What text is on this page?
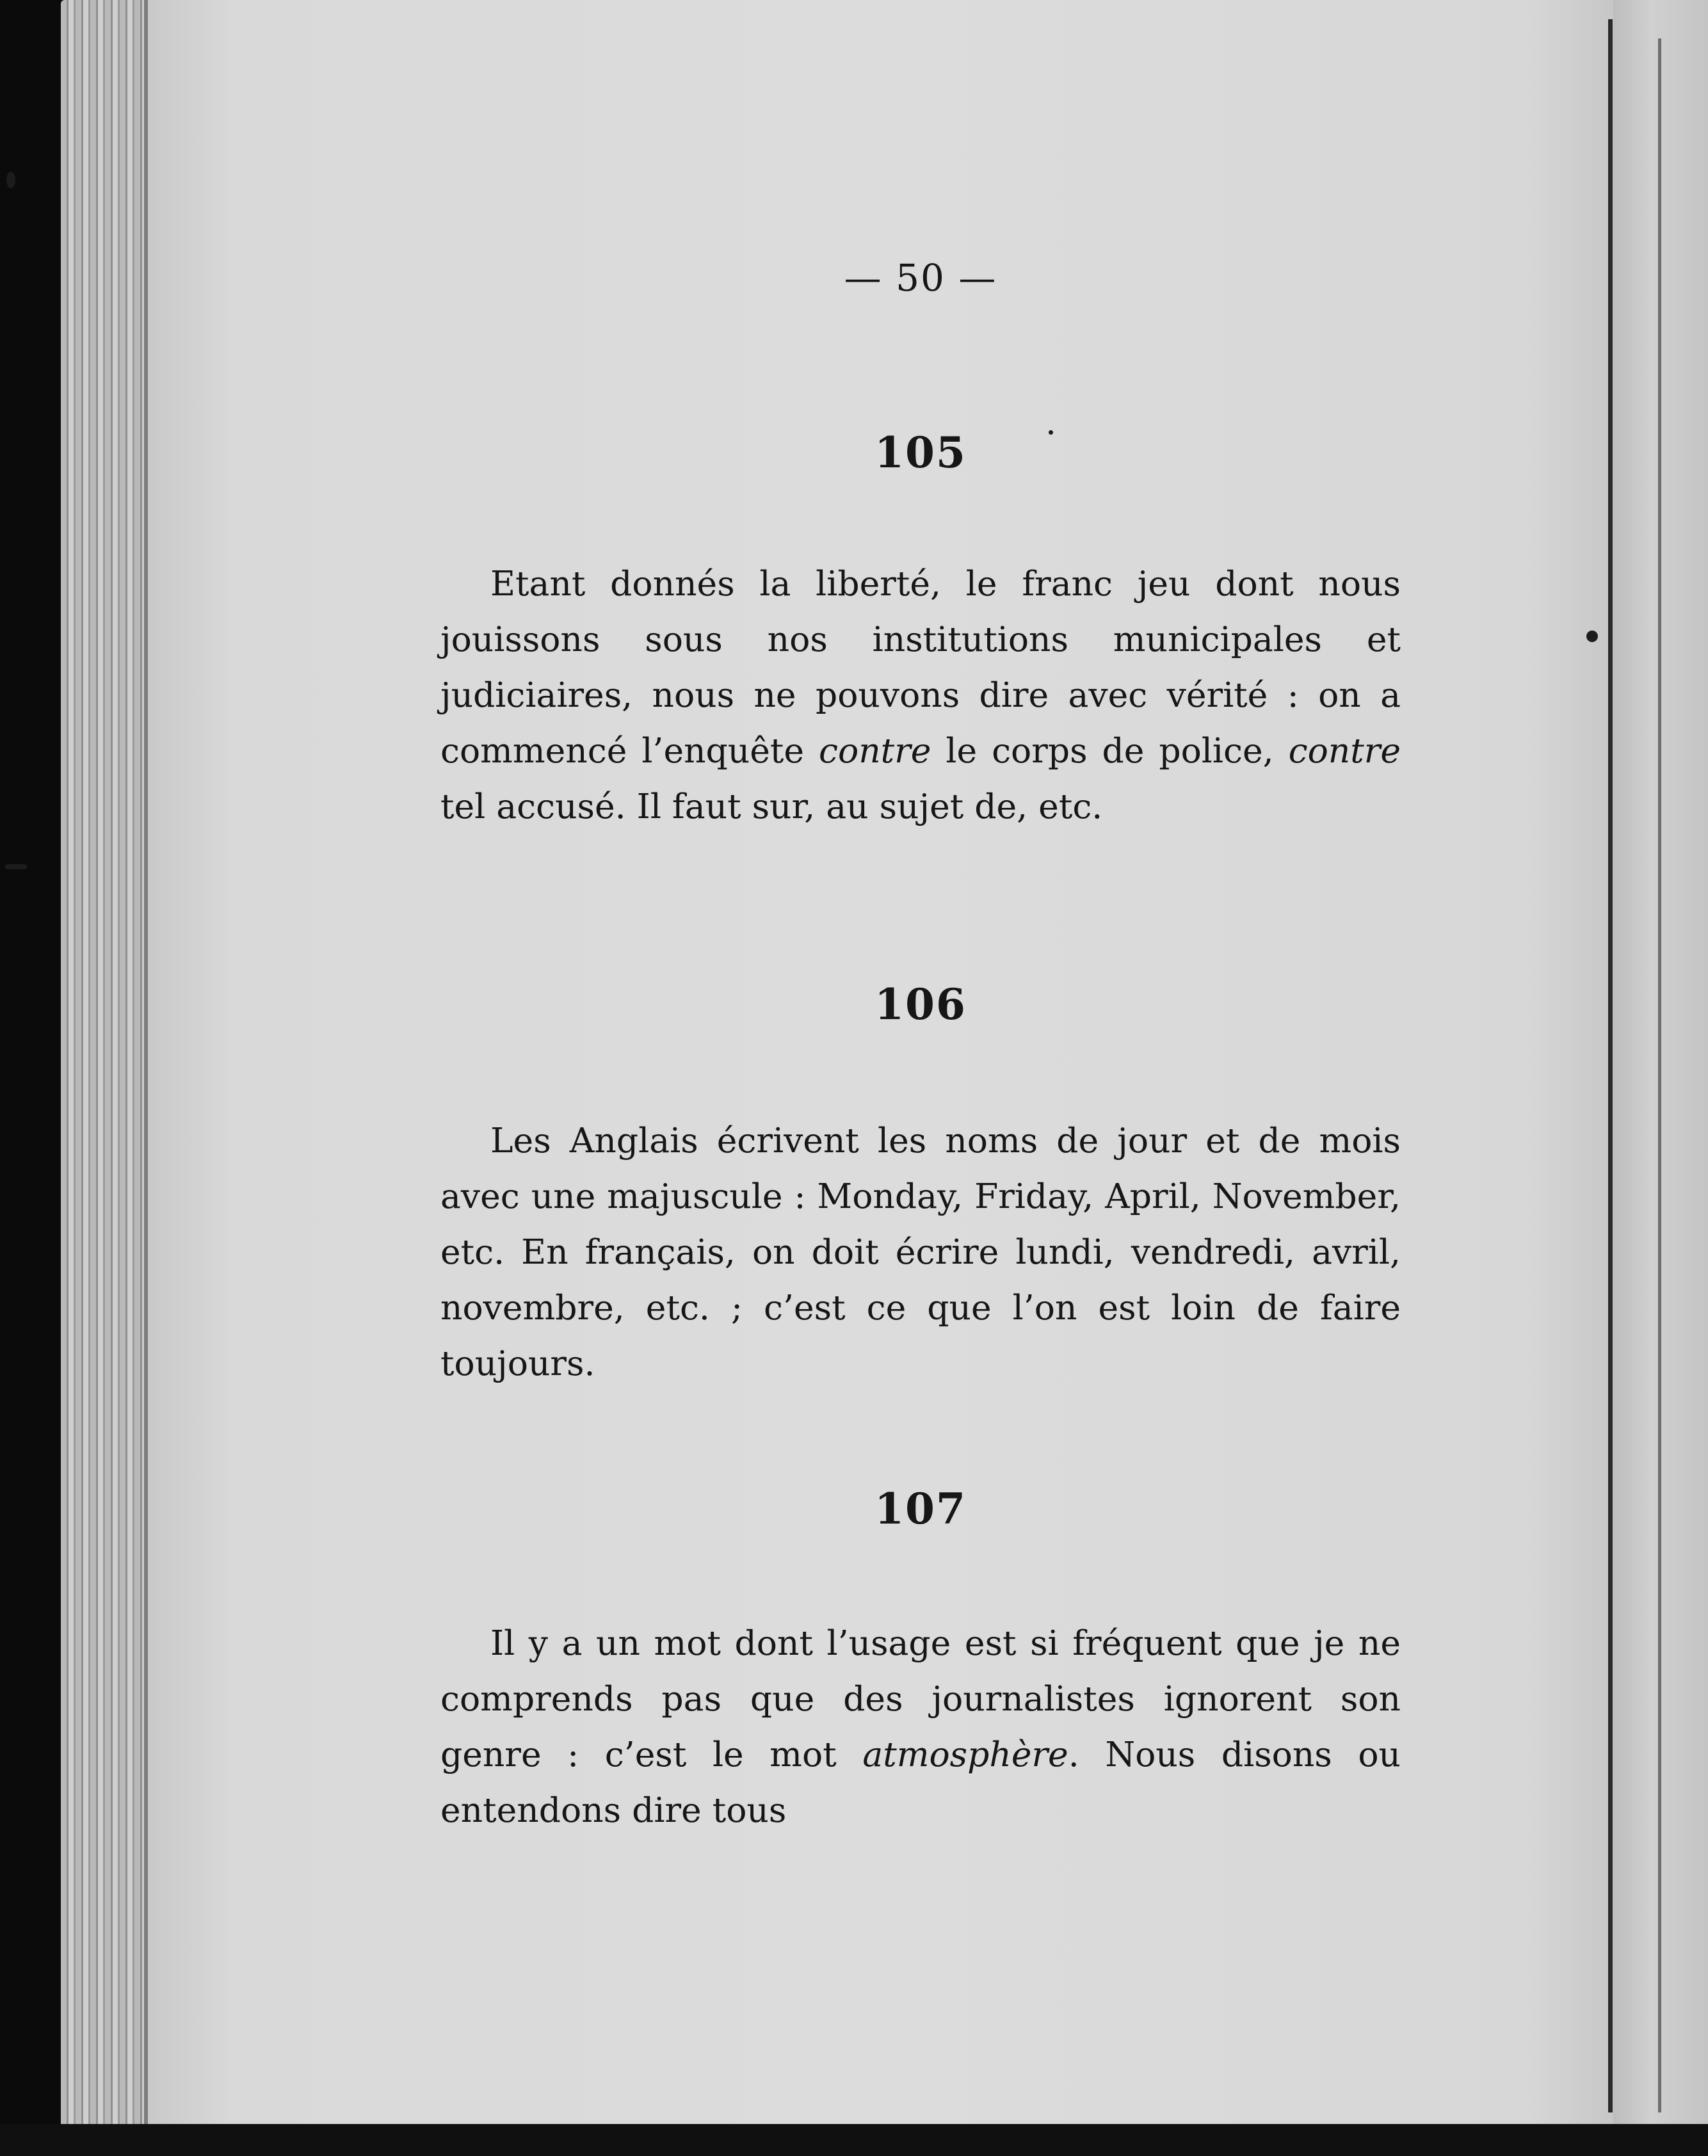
— 50 —
105

Etant donnés la liberté, le franc jeu dont nous jouissons sous nos institutions municipales et judiciaires, nous ne pouvons dire avec vérité : on a commencé l’enquête contre le corps de police, contre tel accusé. Il faut sur, au sujet de, etc.

106

Les Anglais écrivent les noms de jour et de mois avec une majuscule : Monday, Friday, April, November, etc. En français, on doit écrire lundi, vendredi, avril, novembre, etc. ; c’est ce que l’on est loin de faire toujours.

107

Il y a un mot dont l’usage est si fréquent que je ne comprends pas que des journalistes ignorent son genre : c’est le mot atmosphère. Nous disons ou entendons dire tous
